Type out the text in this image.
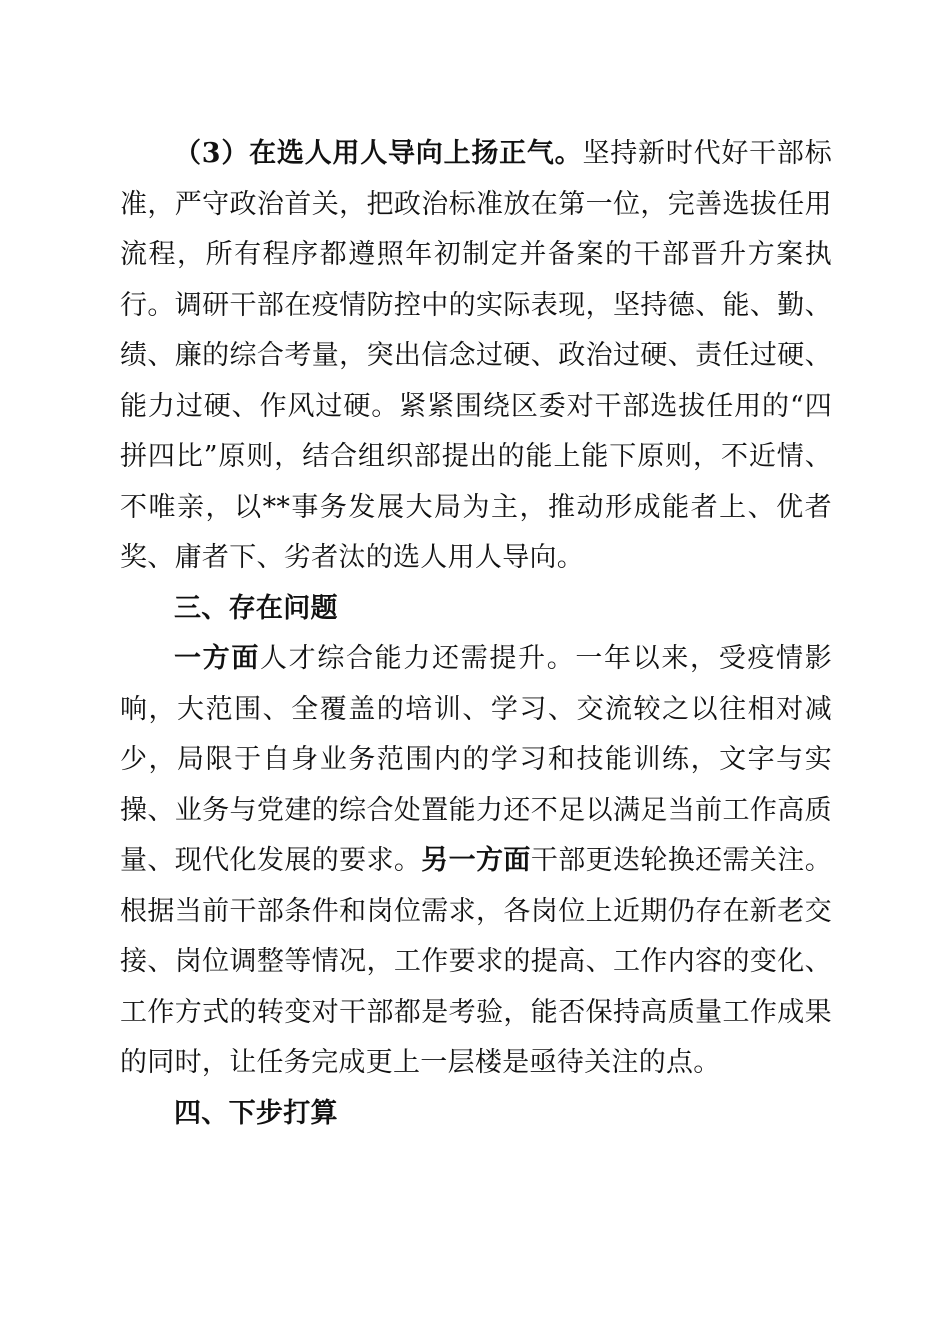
（3）在选人用人导向上扬正气。坚持新时代好干部标准，严守政治首关，把政治标准放在第一位，完善选拔任用流程，所有程序都遵照年初制定并备案的干部晋升方案执行。调研干部在疫情防控中的实际表现，坚持德、能、勤、绩、廉的综合考量，突出信念过硬、政治过硬、责任过硬、能力过硬、作风过硬。紧紧围绕区委对干部选拔任用的“四拼四比”原则，结合组织部提出的能上能下原则，不近情、不唯亲，以**事务发展大局为主，推动形成能者上、优者奖、庸者下、劣者汰的选人用人导向。

三、存在问题

一方面人才综合能力还需提升。一年以来，受疫情影响，大范围、全覆盖的培训、学习、交流较之以往相对减少，局限于自身业务范围内的学习和技能训练，文字与实操、业务与党建的综合处置能力还不足以满足当前工作高质量、现代化发展的要求。另一方面干部更迭轮换还需关注。根据当前干部条件和岗位需求，各岗位上近期仍存在新老交接、岗位调整等情况，工作要求的提高、工作内容的变化、工作方式的转变对干部都是考验，能否保持高质量工作成果的同时，让任务完成更上一层楼是亟待关注的点。

四、下步打算
